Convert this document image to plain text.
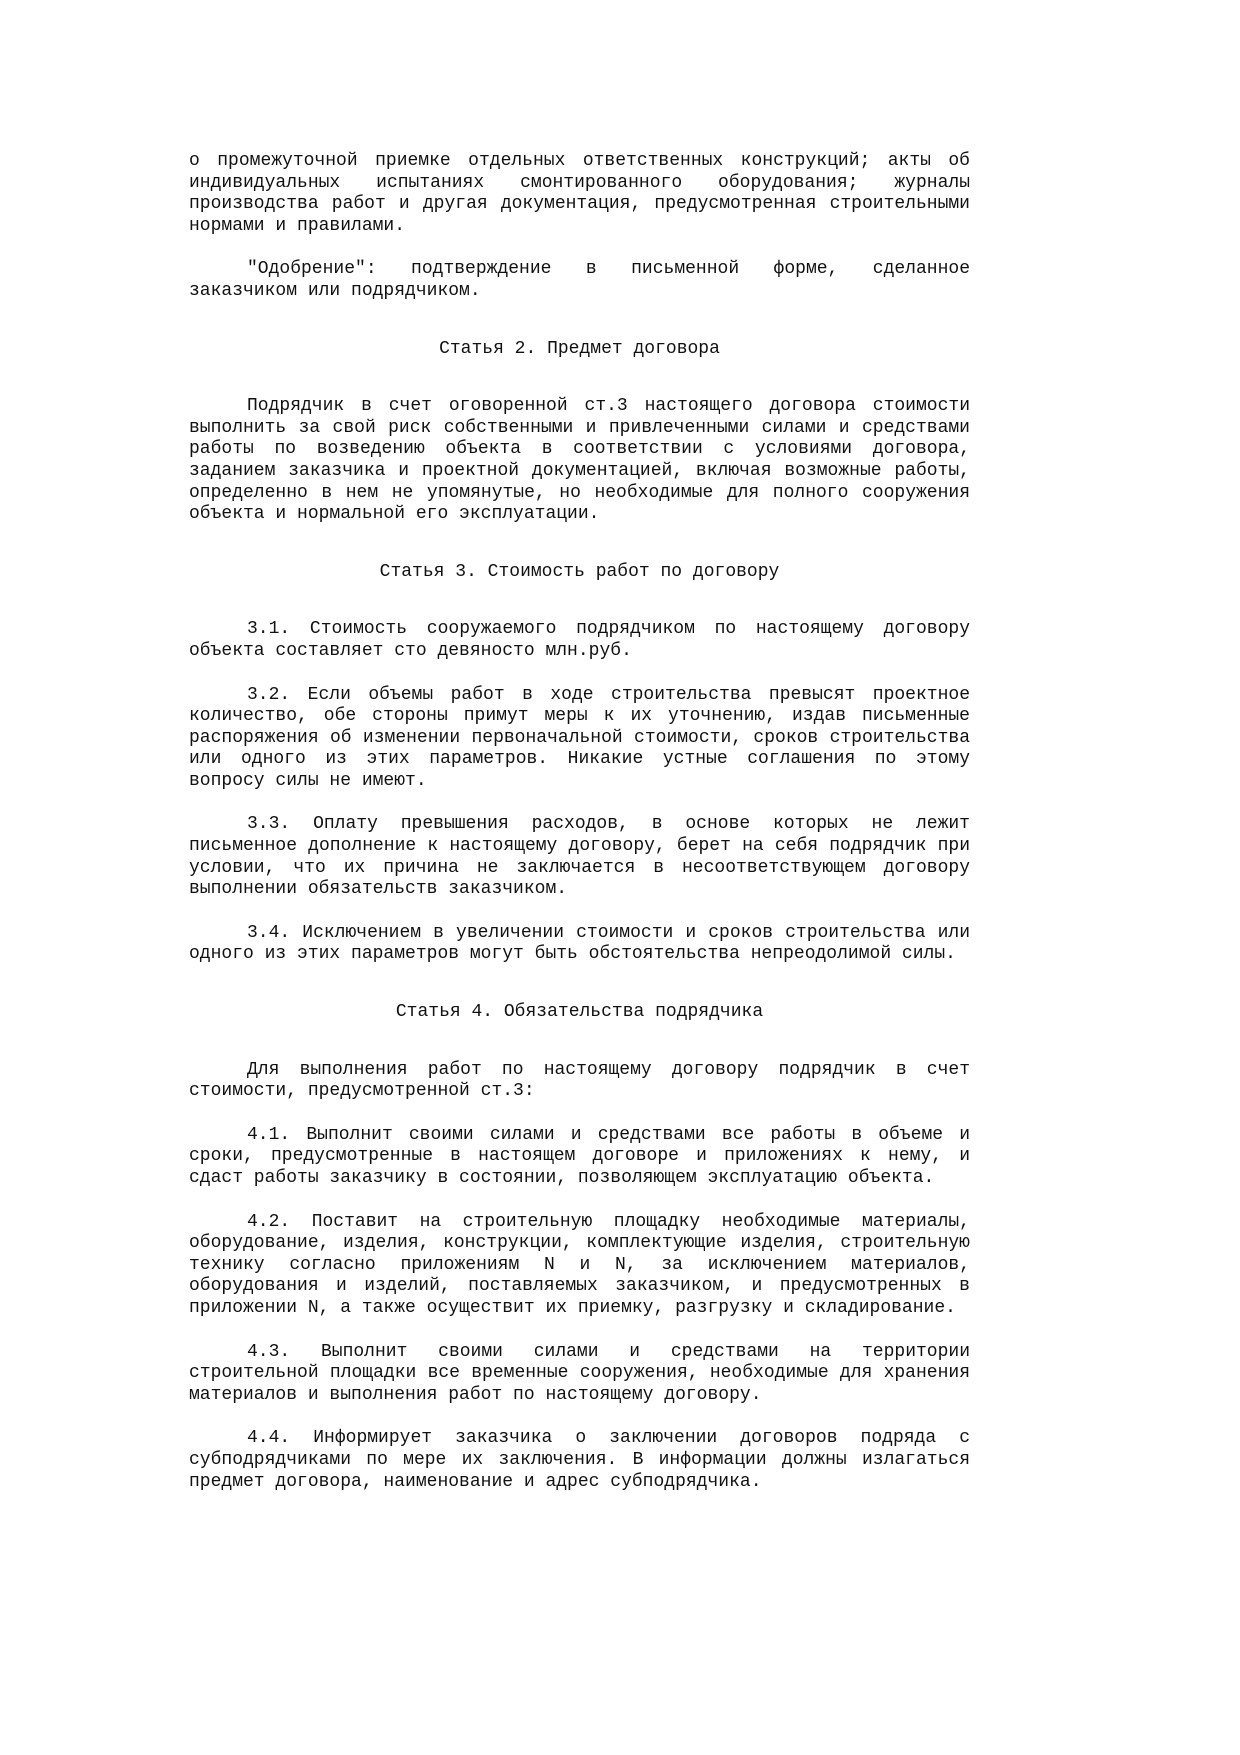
о промежуточной приемке отдельных ответственных конструкций; акты об индивидуальных испытаниях смонтированного оборудования; журналы производства работ и другая документация, предусмотренная строительными нормами и правилами.

"Одобрение": подтверждение в письменной форме, сделанное заказчиком или подрядчиком.

Статья 2. Предмет договора

Подрядчик в счет оговоренной ст.3 настоящего договора стоимости выполнить за свой риск собственными и привлеченными силами и средствами работы по возведению объекта в соответствии с условиями договора, заданием заказчика и проектной документацией, включая возможные работы, определенно в нем не упомянутые, но необходимые для полного сооружения объекта и нормальной его эксплуатации.

Статья 3. Стоимость работ по договору

3.1. Стоимость сооружаемого подрядчиком по настоящему договору объекта составляет сто девяносто млн.руб.

3.2. Если объемы работ в ходе строительства превысят проектное количество, обе стороны примут меры к их уточнению, издав письменные распоряжения об изменении первоначальной стоимости, сроков строительства или одного из этих параметров. Никакие устные соглашения по этому вопросу силы не имеют.

3.3. Оплату превышения расходов, в основе которых не лежит письменное дополнение к настоящему договору, берет на себя подрядчик при условии, что их причина не заключается в несоответствующем договору выполнении обязательств заказчиком.

3.4. Исключением в увеличении стоимости и сроков строительства или одного из этих параметров могут быть обстоятельства непреодолимой силы.

Статья 4. Обязательства подрядчика

Для выполнения работ по настоящему договору подрядчик в счет стоимости, предусмотренной ст.3:

4.1. Выполнит своими силами и средствами все работы в объеме и сроки, предусмотренные в настоящем договоре и приложениях к нему, и сдаст работы заказчику в состоянии, позволяющем эксплуатацию объекта.

4.2. Поставит на строительную площадку необходимые материалы, оборудование, изделия, конструкции, комплектующие изделия, строительную технику согласно приложениям N и N, за исключением материалов, оборудования и изделий, поставляемых заказчиком, и предусмотренных в приложении N, а также осуществит их приемку, разгрузку и складирование.

4.3. Выполнит своими силами и средствами на территории строительной площадки все временные сооружения, необходимые для хранения материалов и выполнения работ по настоящему договору.

4.4. Информирует заказчика о заключении договоров подряда с субподрядчиками по мере их заключения. В информации должны излагаться предмет договора, наименование и адрес субподрядчика.
